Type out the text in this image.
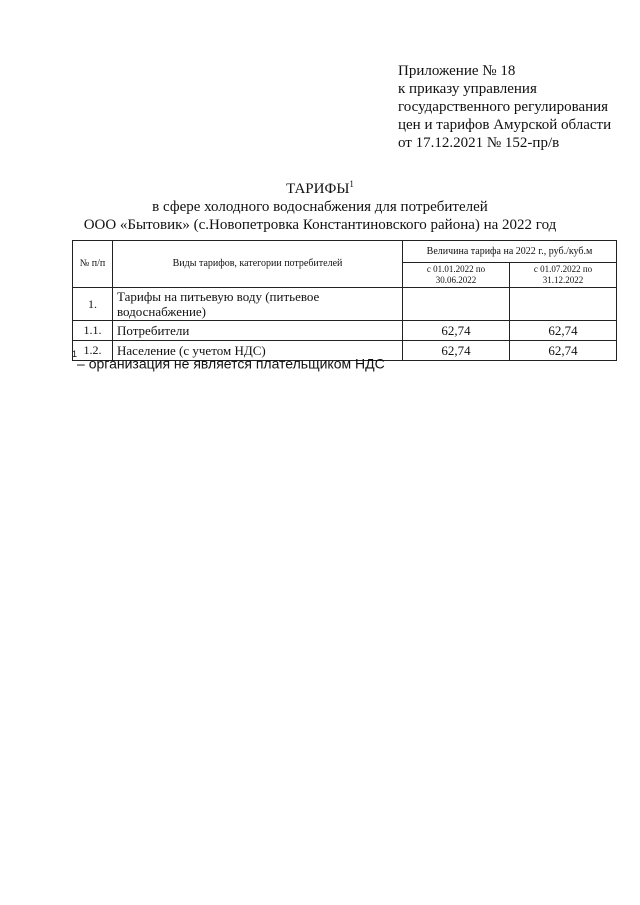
Приложение № 18
к приказу управления
государственного регулирования
цен и тарифов Амурской области
от 17.12.2021 № 152-пр/в
ТАРИФЫ$^1$
в сфере холодного водоснабжения для потребителей
ООО «Бытовик» (с.Новопетровка Константиновского района) на 2022 год
№ п/п	Виды тарифов, категории потребителей	Величина тарифа на 2022 г., руб./куб.м	
		с 01.01.2022 по 30.06.2022	с 01.07.2022 по 31.12.2022
1.	Тарифы на питьевую воду (питьевое водоснабжение)		
1.1.	Потребители	62,74	62,74
1.2.	Население (с учетом НДС)	62,74	62,74
$^1$– организация не является плательщиком НДС
